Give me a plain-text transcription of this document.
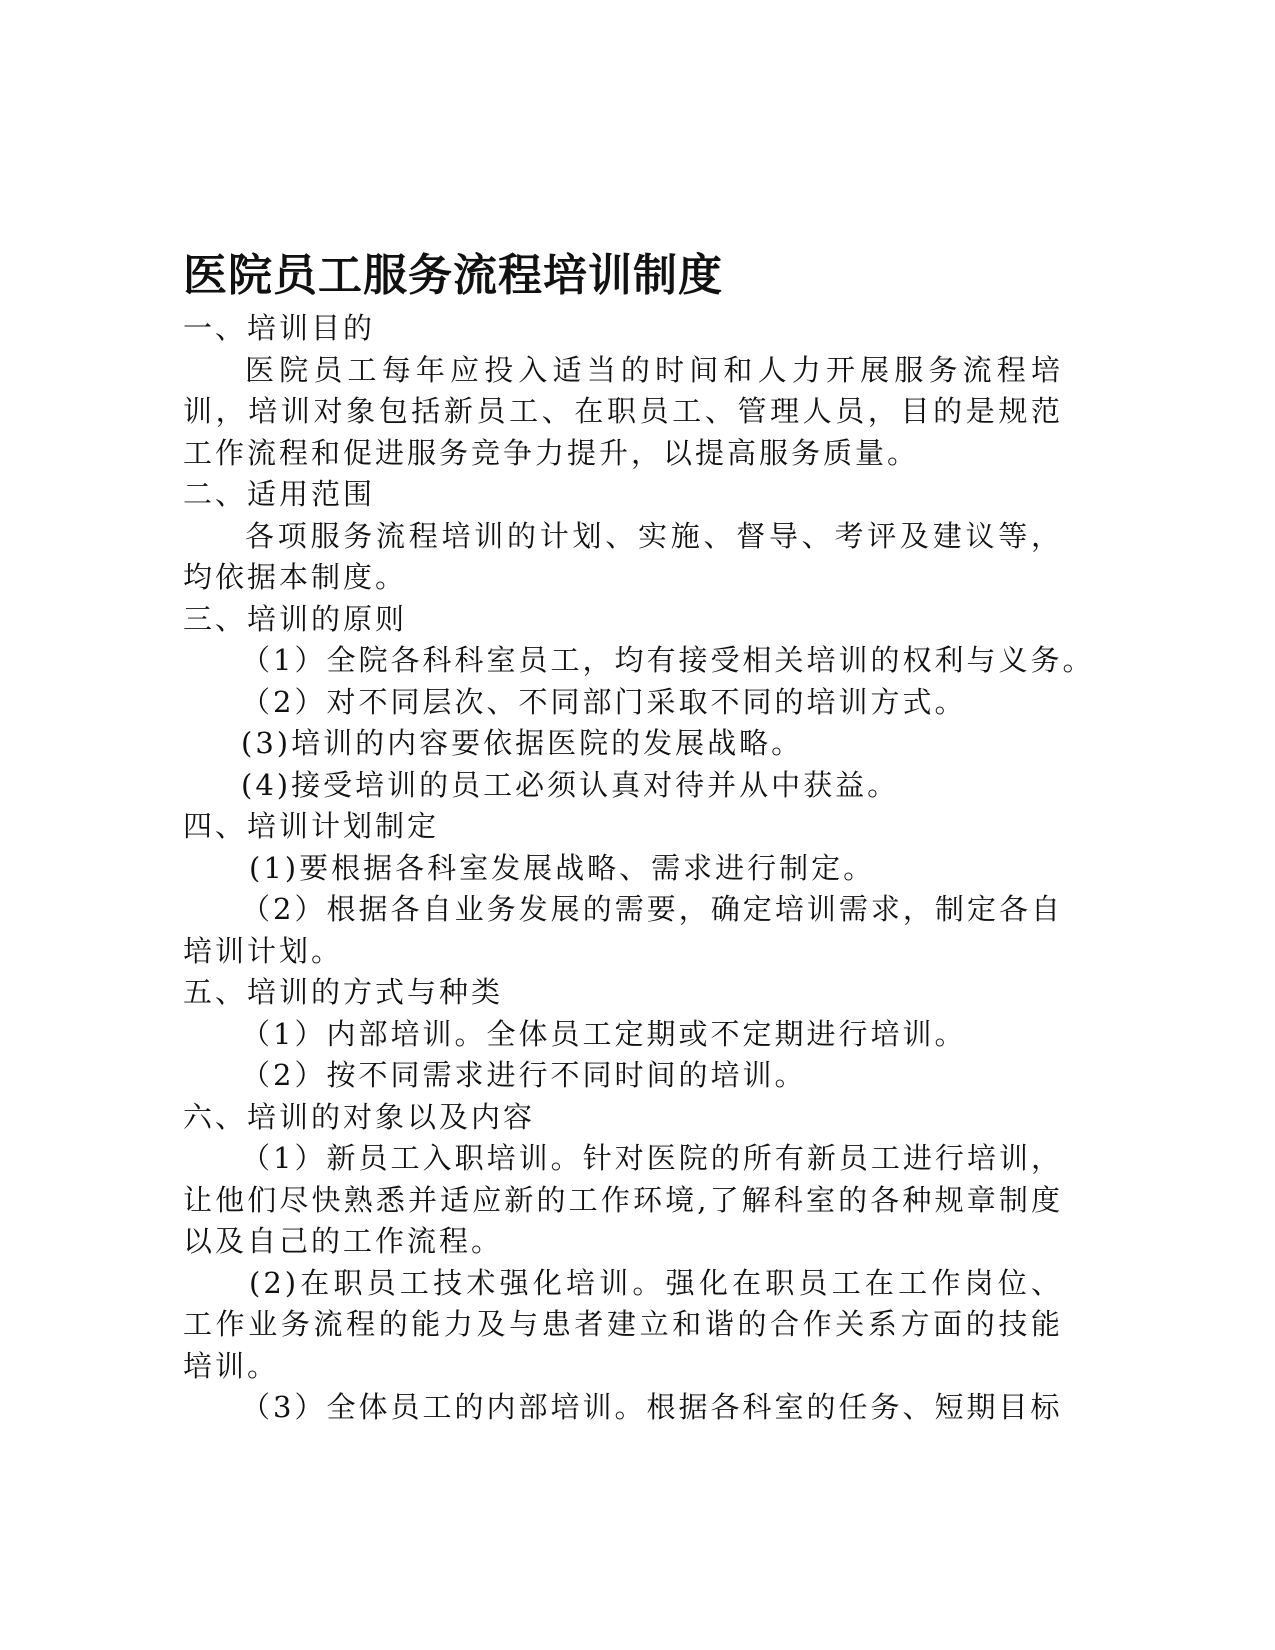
医院员工服务流程培训制度

一、培训目的

医院员工每年应投入适当的时间和人力开展服务流程培训，培训对象包括新员工、在职员工、管理人员，目的是规范工作流程和促进服务竞争力提升，以提高服务质量。

二、适用范围

各项服务流程培训的计划、实施、督导、考评及建议等，均依据本制度。

三、培训的原则

（1）全院各科科室员工，均有接受相关培训的权利与义务。

（2）对不同层次、不同部门采取不同的培训方式。

(3)培训的内容要依据医院的发展战略。

(4)接受培训的员工必须认真对待并从中获益。

四、培训计划制定

(1)要根据各科室发展战略、需求进行制定。

（2）根据各自业务发展的需要，确定培训需求，制定各自培训计划。

五、培训的方式与种类

（1）内部培训。全体员工定期或不定期进行培训。

（2）按不同需求进行不同时间的培训。

六、培训的对象以及内容

（1）新员工入职培训。针对医院的所有新员工进行培训，让他们尽快熟悉并适应新的工作环境,了解科室的各种规章制度以及自己的工作流程。

(2)在职员工技术强化培训。强化在职员工在工作岗位、工作业务流程的能力及与患者建立和谐的合作关系方面的技能培训。

（3）全体员工的内部培训。根据各科室的任务、短期目标
